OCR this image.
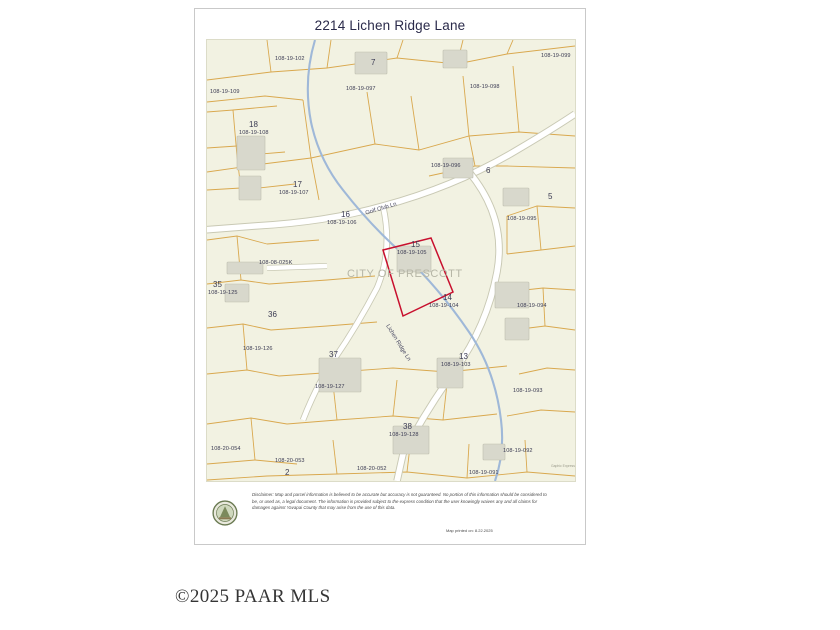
2214 Lichen Ridge Lane
CITY OF PRESCOTT
Golf Club Ln
Lichen Ridge Ln
108-19-099
7
108-19-102
108-19-097	108-19-098
108-19-109
18
108-19-108
108-19-096	6
17
108-19-107	5
108-19-095
16
108-19-106
15
108-19-105
108-08-025K
35
108-19-125
36
14
108-19-104	108-19-094
108-19-126
37
108-19-127
13
108-19-103
108-19-093
38
108-19-128
108-20-054	108-19-092
2
108-20-053
108-20-052
108-19-091
Gaphic Express
Disclaimer: Map and parcel information is believed to be accurate but accuracy is not guaranteed. No portion of this information should be considered to be, or used as, a legal document. The information is provided subject to the express condition that the user knowingly waives any and all claims for damages against Yavapai County that may arise from the use of this data.
Map printed on: 8.22.2025
©2025 PAAR MLS
